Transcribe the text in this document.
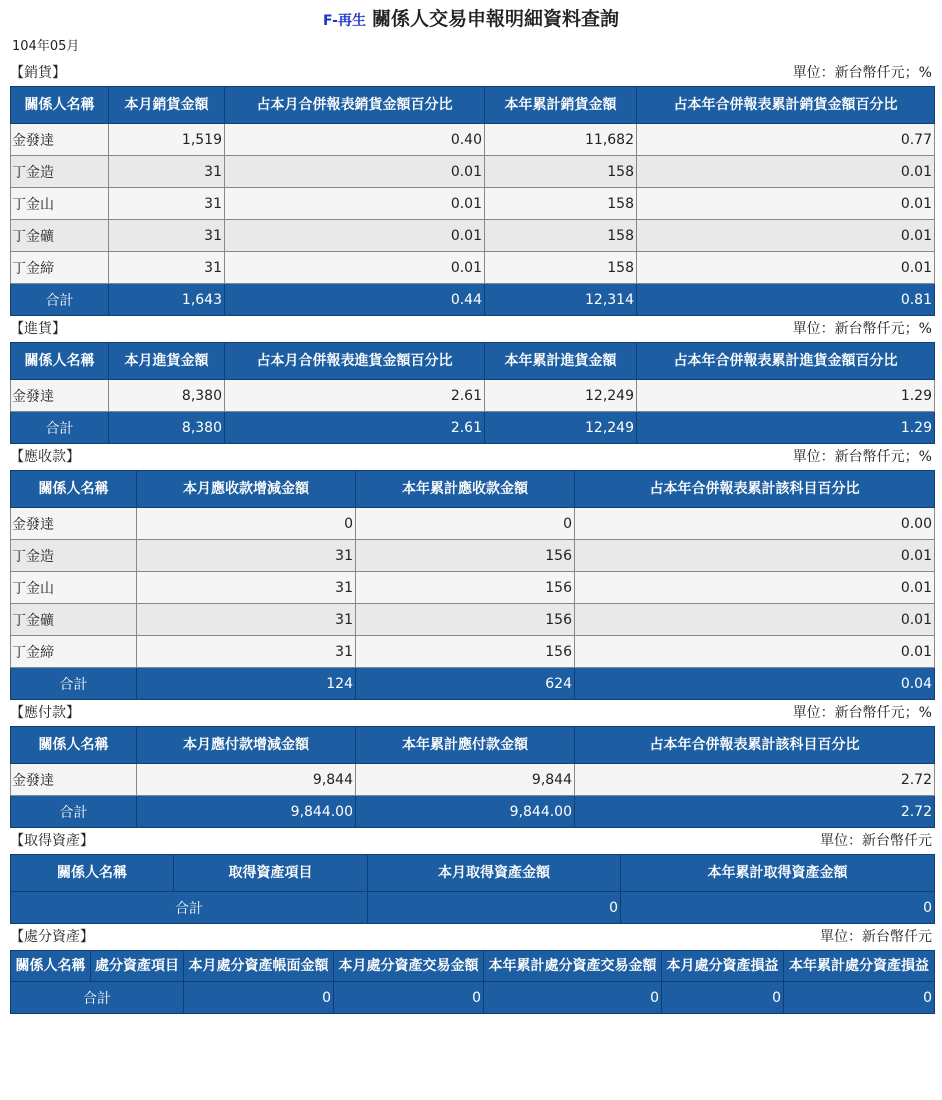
F-再生 關係人交易申報明細資料查詢
104年05月
【銷貨】	單位：新台幣仟元；%
關係人名稱	本月銷貨金額	占本月合併報表銷貨金額百分比	本年累計銷貨金額	占本年合併報表累計銷貨金額百分比
金發達	1,519	0.40	11,682	0.77
丁金造	31	0.01	158	0.01
丁金山	31	0.01	158	0.01
丁金礦	31	0.01	158	0.01
丁金締	31	0.01	158	0.01
合計	1,643	0.44	12,314	0.81
【進貨】	單位：新台幣仟元；%
關係人名稱	本月進貨金額	占本月合併報表進貨金額百分比	本年累計進貨金額	占本年合併報表累計進貨金額百分比
金發達	8,380	2.61	12,249	1.29
合計	8,380	2.61	12,249	1.29
【應收款】	單位：新台幣仟元；%
關係人名稱	本月應收款增減金額	本年累計應收款金額	占本年合併報表累計該科目百分比
金發達	0	0	0.00
丁金造	31	156	0.01
丁金山	31	156	0.01
丁金礦	31	156	0.01
丁金締	31	156	0.01
合計	124	624	0.04
【應付款】	單位：新台幣仟元；%
關係人名稱	本月應付款增減金額	本年累計應付款金額	占本年合併報表累計該科目百分比
金發達	9,844	9,844	2.72
合計	9,844.00	9,844.00	2.72
【取得資產】	單位：新台幣仟元
關係人名稱	取得資產項目	本月取得資產金額	本年累計取得資產金額
合計		0	0
【處分資產】	單位：新台幣仟元
關係人名稱	處分資產項目	本月處分資產帳面金額	本月處分資產交易金額	本年累計處分資產交易金額	本月處分資產損益	本年累計處分資產損益
合計		0	0	0	0	0
